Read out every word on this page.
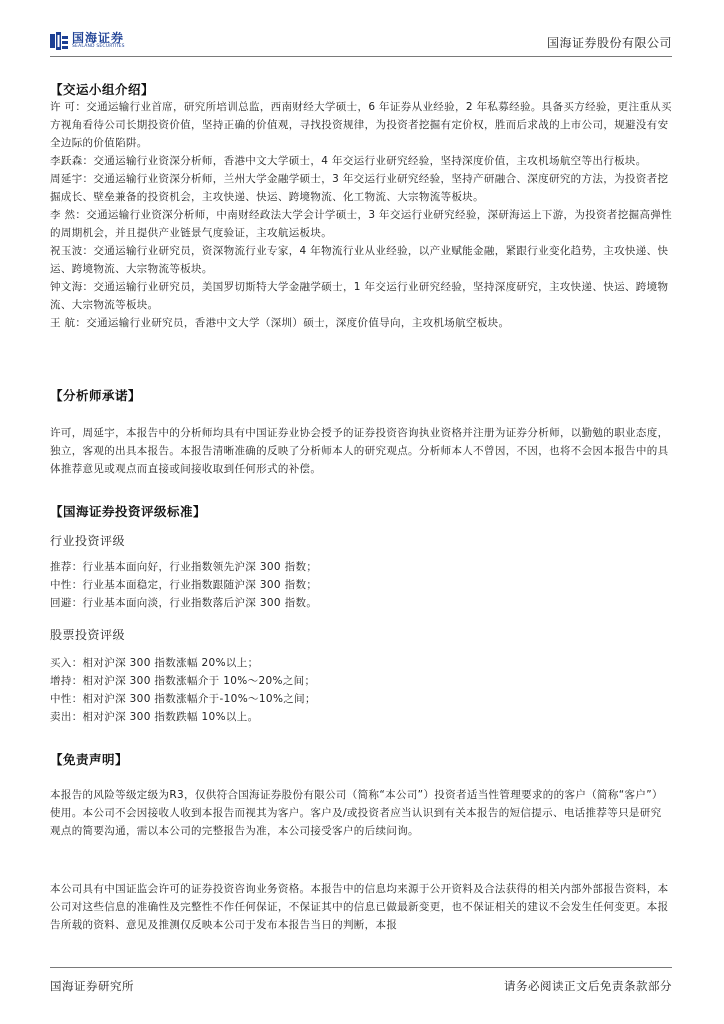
国海证券
SEALAND SECURITIES	国海证券股份有限公司
【交运小组介绍】

许 可：交通运输行业首席，研究所培训总监，西南财经大学硕士，6 年证券从业经验，2 年私募经验。具备买方经验，更注重从买方视角看待公司长期投资价值，坚持正确的价值观，寻找投资规律，为投资者挖掘有定价权，胜而后求战的上市公司，规避没有安全边际的价值陷阱。

李跃森：交通运输行业资深分析师，香港中文大学硕士，4 年交运行业研究经验，坚持深度价值，主攻机场航空等出行板块。

周延宇：交通运输行业资深分析师，兰州大学金融学硕士，3 年交运行业研究经验，坚持产研融合、深度研究的方法，为投资者挖掘成长、壁垒兼备的投资机会，主攻快递、快运、跨境物流、化工物流、大宗物流等板块。

李 然：交通运输行业资深分析师，中南财经政法大学会计学硕士，3 年交运行业研究经验，深研海运上下游，为投资者挖掘高弹性的周期机会，并且提供产业链景气度验证，主攻航运板块。

祝玉波：交通运输行业研究员，资深物流行业专家，4 年物流行业从业经验，以产业赋能金融，紧跟行业变化趋势，主攻快递、快运、跨境物流、大宗物流等板块。

钟文海：交通运输行业研究员，美国罗切斯特大学金融学硕士，1 年交运行业研究经验，坚持深度研究，主攻快递、快运、跨境物流、大宗物流等板块。

王 航：交通运输行业研究员，香港中文大学（深圳）硕士，深度价值导向，主攻机场航空板块。

【分析师承诺】

许可，周延宇，本报告中的分析师均具有中国证券业协会授予的证券投资咨询执业资格并注册为证券分析师，以勤勉的职业态度，独立，客观的出具本报告。本报告清晰准确的反映了分析师本人的研究观点。分析师本人不曾因，不因，也将不会因本报告中的具体推荐意见或观点而直接或间接收取到任何形式的补偿。

【国海证券投资评级标准】
行业投资评级
推荐：行业基本面向好，行业指数领先沪深 300 指数；
中性：行业基本面稳定，行业指数跟随沪深 300 指数；
回避：行业基本面向淡，行业指数落后沪深 300 指数。
股票投资评级
买入：相对沪深 300 指数涨幅 20%以上；
增持：相对沪深 300 指数涨幅介于 10%～20%之间；
中性：相对沪深 300 指数涨幅介于-10%～10%之间；
卖出：相对沪深 300 指数跌幅 10%以上。
【免责声明】

本报告的风险等级定级为R3，仅供符合国海证券股份有限公司（简称“本公司”）投资者适当性管理要求的的客户（简称“客户”）使用。本公司不会因接收人收到本报告而视其为客户。客户及/或投资者应当认识到有关本报告的短信提示、电话推荐等只是研究观点的简要沟通，需以本公司的完整报告为准，本公司接受客户的后续问询。

本公司具有中国证监会许可的证券投资咨询业务资格。本报告中的信息均来源于公开资料及合法获得的相关内部外部报告资料，本公司对这些信息的准确性及完整性不作任何保证，不保证其中的信息已做最新变更，也不保证相关的建议不会发生任何变更。本报告所载的资料、意见及推测仅反映本公司于发布本报告当日的判断，本报

国海证券研究所	请务必阅读正文后免责条款部分
